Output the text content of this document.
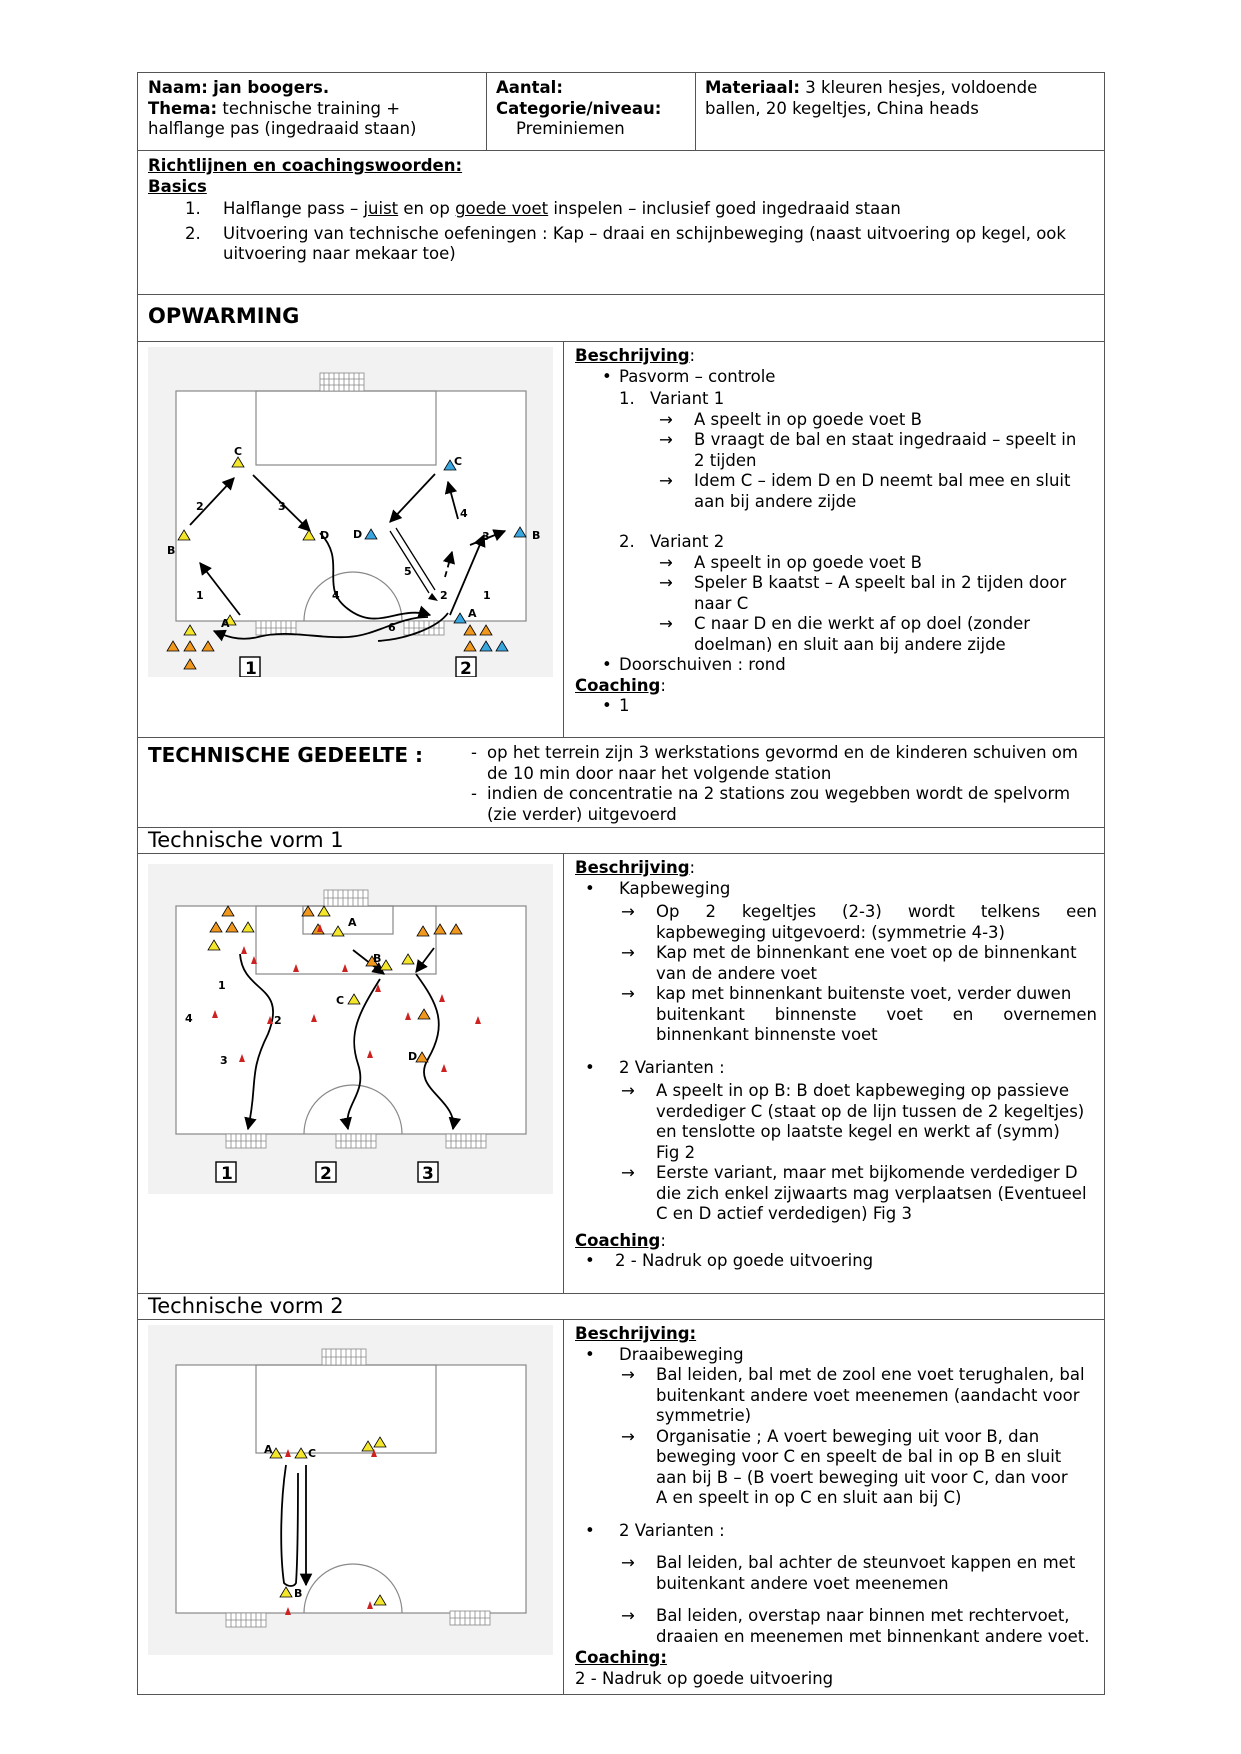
Naam: jan boogers.
Thema: technische training +
halflange pas (ingedraaid staan)
Aantal:
Categorie/niveau:
Preminiemen
Materiaal: 3 kleuren hesjes, voldoende
ballen, 20 kegeltjes, China heads
Richtlijnen en coachingswoorden:
Basics
1. Halflange pass – juist en op goede voet inspelen – inclusief goed ingedraaid staan
2. Uitvoering van technische oefeningen : Kap – draai en schijnbeweging (naast uitvoering op kegel, ook
uitvoering naar mekaar toe)
OPWARMING
C
C
2	3
4
D D	3	B
B
5
1	4	2	1
A
A
6
1	2
Beschrijving:
• Pasvorm – controle
1. Variant 1
→ A speelt in op goede voet B
→ B vraagt de bal en staat ingedraaid – speelt in
2 tijden
→ Idem C – idem D en D neemt bal mee en sluit
aan bij andere zijde
2. Variant 2
→ A speelt in op goede voet B
→ Speler B kaatst – A speelt bal in 2 tijden door
naar C
→ C naar D en die werkt af op doel (zonder
doelman) en sluit aan bij andere zijde
• Doorschuiven : rond
Coaching:
• 1
TECHNISCHE GEDEELTE :	- op het terrein zijn 3 werkstations gevormd en de kinderen schuiven om
de 10 min door naar het volgende station
- indien de concentratie na 2 stations zou wegebben wordt de spelvorm
(zie verder) uitgevoerd
Technische vorm 1
A
B
1
C
4	2
3	D
1	2	3
Beschrijving:
• Kapbeweging
→ Op 2 kegeltjes (2-3) wordt telkens een
kapbeweging uitgevoerd: (symmetrie 4-3)
→ Kap met de binnenkant ene voet op de binnenkant
van de andere voet
→ kap met binnenkant buitenste voet, verder duwen
buitenkant binnenste voet en overnemen
binnenkant binnenste voet
• 2 Varianten :
→ A speelt in op B: B doet kapbeweging op passieve
verdediger C (staat op de lijn tussen de 2 kegeltjes)
en tenslotte op laatste kegel en werkt af (symm)
Fig 2
→ Eerste variant, maar met bijkomende verdediger D
die zich enkel zijwaarts mag verplaatsen (Eventueel
C en D actief verdedigen) Fig 3
Coaching:
• 2 - Nadruk op goede uitvoering
Technische vorm 2
A	C
B
Beschrijving:
• Draaibeweging
→ Bal leiden, bal met de zool ene voet terughalen, bal
buitenkant andere voet meenemen (aandacht voor
symmetrie)
→ Organisatie ; A voert beweging uit voor B, dan
beweging voor C en speelt de bal in op B en sluit
aan bij B – (B voert beweging uit voor C, dan voor
A en speelt in op C en sluit aan bij C)
• 2 Varianten :
→ Bal leiden, bal achter de steunvoet kappen en met
buitenkant andere voet meenemen
→ Bal leiden, overstap naar binnen met rechtervoet,
draaien en meenemen met binnenkant andere voet.
Coaching:
2 - Nadruk op goede uitvoering
